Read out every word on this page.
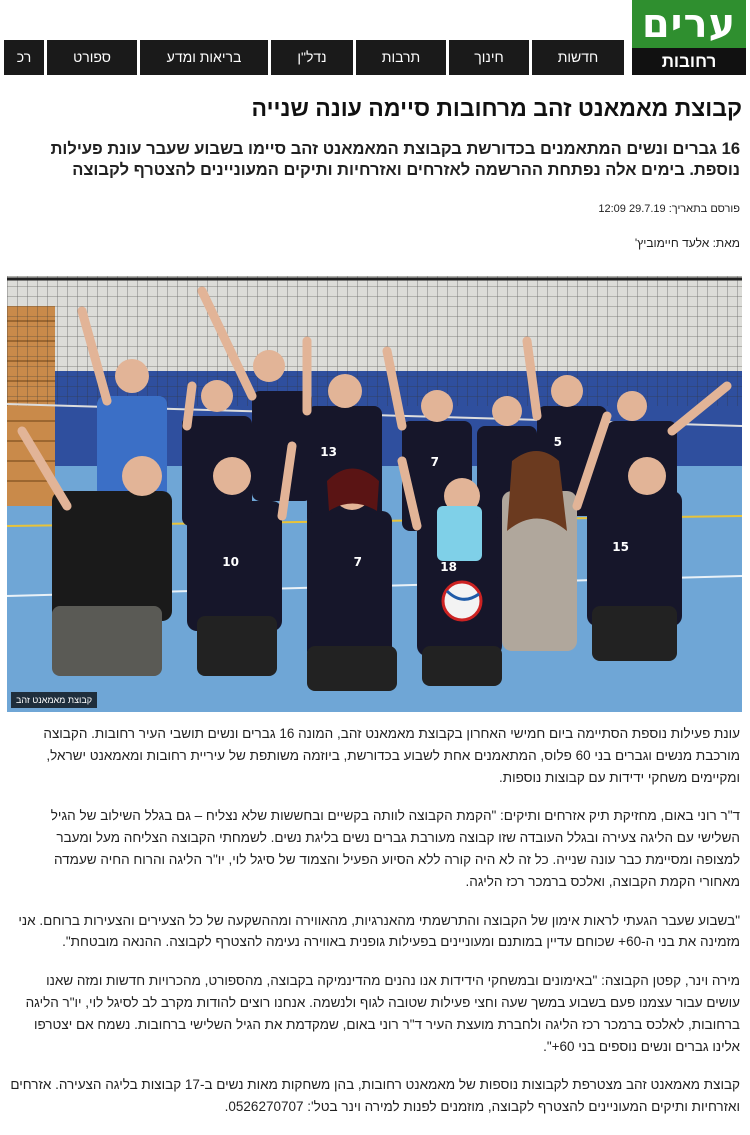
ערים
רחובות
חדשות
חינוך
תרבות
נדל"ן
בריאות ומדע
ספורט
רכ
קבוצת מאמאנט זהב מרחובות סיימה עונה שנייה

16 גברים ונשים המתאמנים בכדורשת בקבוצת המאמאנט זהב סיימו בשבוע שעבר עונת פעילות נוספת. בימים אלה נפתחת ההרשמה לאזרחים ואזרחיות ותיקים המעוניינים להצטרף לקבוצה

פורסם בתאריך: 29.7.19 12:09
מאת: אלעד חיימוביץ'
13
7
5
10	7	18
15
קבוצת מאמאנט זהב

עונת פעילות נוספת הסתיימה ביום חמישי האחרון בקבוצת מאמאנט זהב, המונה 16 גברים ונשים תושבי העיר רחובות. הקבוצה מורכבת מנשים וגברים בני 60 פלוס, המתאמנים אחת לשבוע בכדורשת, ביוזמה משותפת של עיריית רחובות ומאמאנט ישראל, ומקיימים משחקי ידידות עם קבוצות נוספות.

ד"ר רוני באום, מחזיקת תיק אזרחים ותיקים: "הקמת הקבוצה לוותה בקשיים ובחששות שלא נצליח – גם בגלל השילוב של הגיל השלישי עם הליגה צעירה ובגלל העובדה שזו קבוצה מעורבת גברים נשים בליגת נשים. לשמחתי הקבוצה הצליחה מעל ומעבר למצופה ומסיימת כבר עונה שנייה. כל זה לא היה קורה ללא הסיוע הפעיל והצמוד של סיגל לוי, יו"ר הליגה והרוח החיה שעמדה מאחורי הקמת הקבוצה, ואלכס ברמכר רכז הליגה.

"בשבוע שעבר הגעתי לראות אימון של הקבוצה והתרשמתי מהאנרגיות, מהאווירה ומההשקעה של כל הצעירים והצעירות ברוחם. אני מזמינה את בני ה-60+ שכוחם עדיין במותנם ומעוניינים בפעילות גופנית באווירה נעימה להצטרף לקבוצה. ההנאה מובטחת".

מירה וינר, קפטן הקבוצה: "באימונים ובמשחקי הידידות אנו נהנים מהדינמיקה בקבוצה, מהספורט, מהכרויות חדשות ומזה שאנו עושים עבור עצמנו פעם בשבוע במשך שעה וחצי פעילות שטובה לגוף ולנשמה. אנחנו רוצים להודות מקרב לב לסיגל לוי, יו"ר הליגה ברחובות, לאלכס ברמכר רכז הליגה ולחברת מועצת העיר ד"ר רוני באום, שמקדמת את הגיל השלישי ברחובות. נשמח אם יצטרפו אלינו גברים ונשים נוספים בני 60+".

קבוצת מאמאנט זהב מצטרפת לקבוצות נוספות של מאמאנט רחובות, בהן משחקות מאות נשים ב-17 קבוצות בליגה הצעירה. אזרחים ואזרחיות ותיקים המעוניינים להצטרף לקבוצה, מוזמנים לפנות למירה וינר בטל': 0526270707.
